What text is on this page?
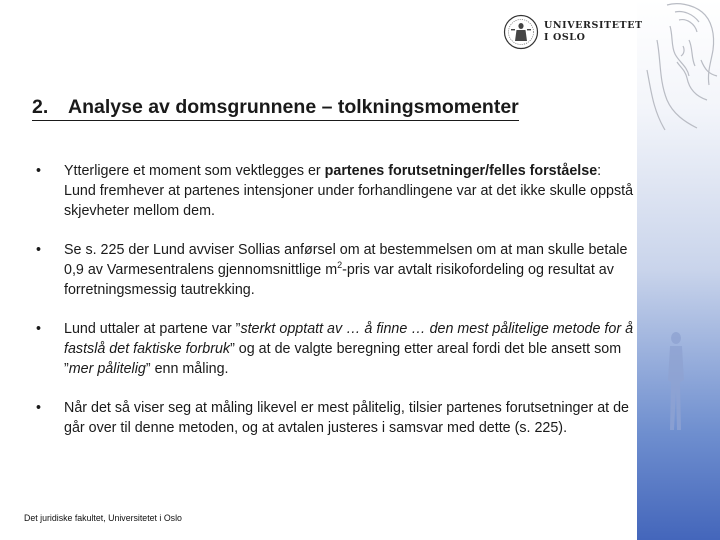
UNIVERSITETET
I OSLO
2. Analyse av domsgrunnene – tolkningsmomenter
• Ytterligere et moment som vektlegges er partenes forutsetninger/felles forståelse: Lund fremhever at partenes intensjoner under forhandlingene var at det ikke skulle oppstå skjevheter mellom dem.
• Se s. 225 der Lund avviser Sollias anførsel om at bestemmelsen om at man skulle betale 0,9 av Varmesentralens gjennomsnittlige $m^2$-pris var avtalt risikofordeling og resultat av forretningsmessig tautrekking.
• Lund uttaler at partene var ”sterkt opptatt av … å finne … den mest pålitelige metode for å fastslå det faktiske forbruk” og at de valgte beregning etter areal fordi det ble ansett som ”mer pålitelig” enn måling.
• Når det så viser seg at måling likevel er mest pålitelig, tilsier partenes forutsetninger at de går over til denne metoden, og at avtalen justeres i samsvar med dette (s. 225).
Det juridiske fakultet, Universitetet i Oslo
